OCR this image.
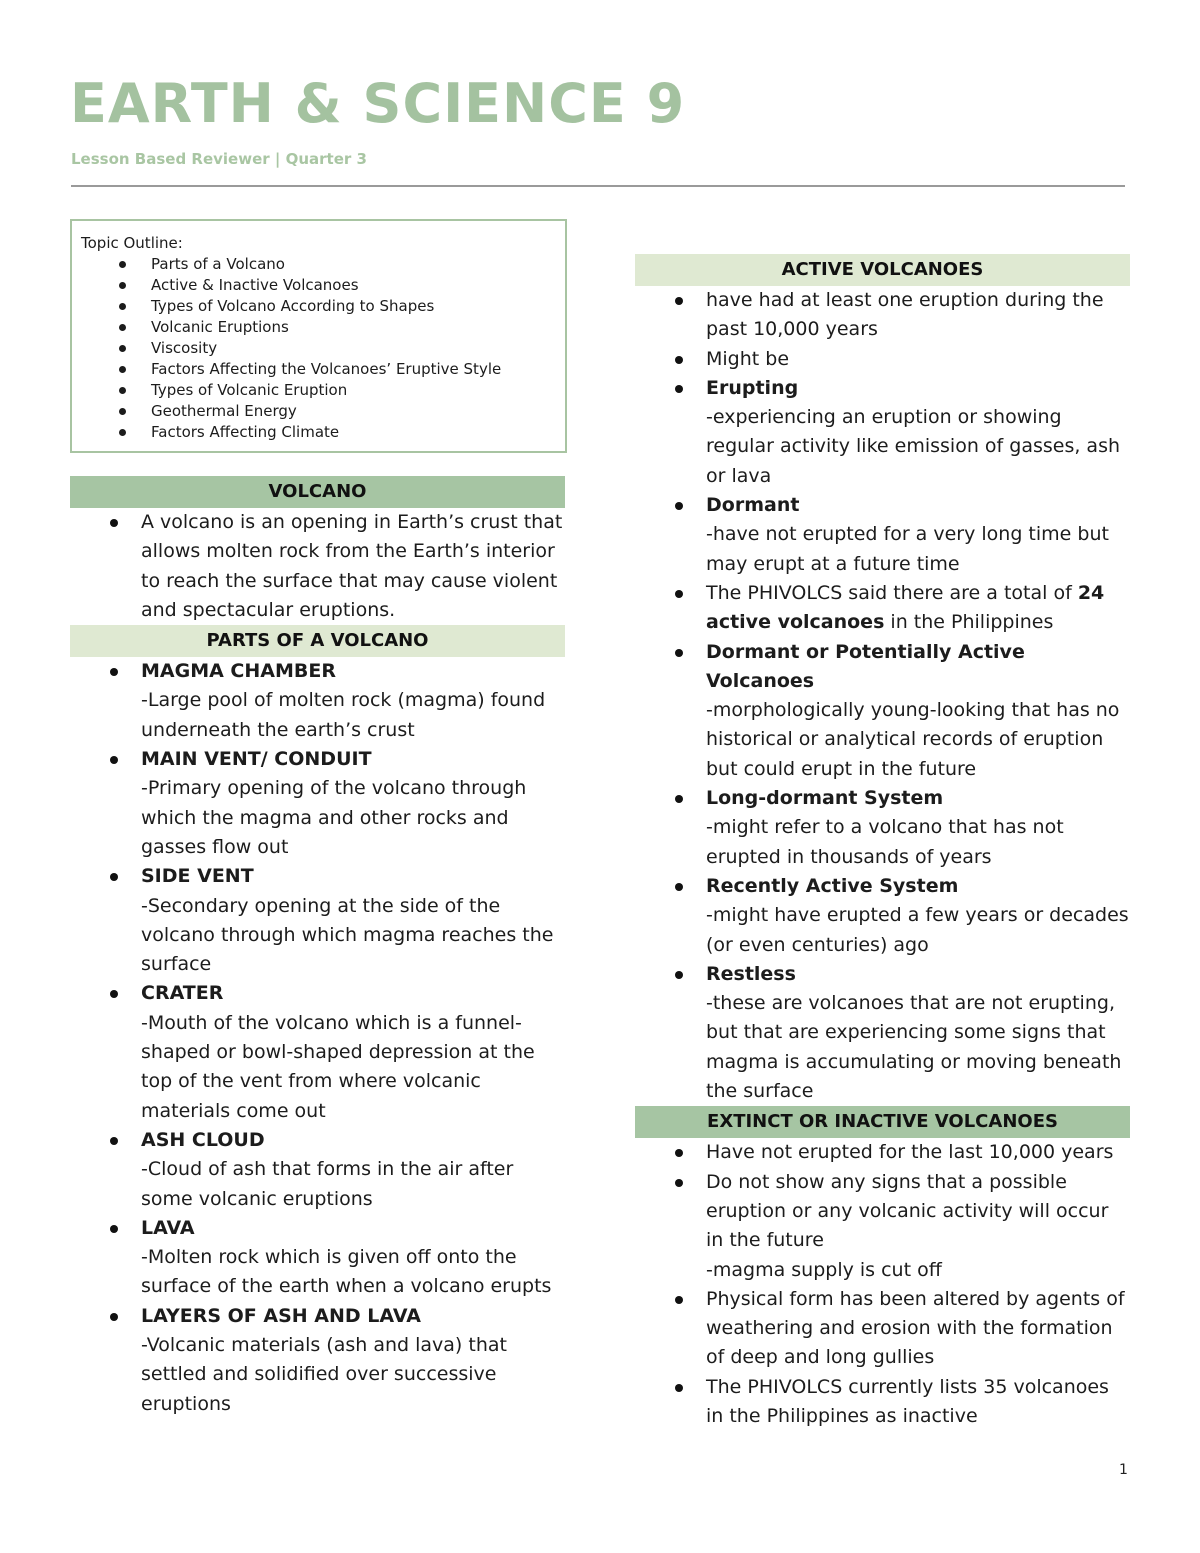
EARTH & SCIENCE 9
Lesson Based Reviewer | Quarter 3
Topic Outline:
Parts of a Volcano
Active & Inactive Volcanoes
Types of Volcano According to Shapes
Volcanic Eruptions
Viscosity
Factors Affecting the Volcanoes’ Eruptive Style
Types of Volcanic Eruption
Geothermal Energy
Factors Affecting Climate
VOLCANO
A volcano is an opening in Earth’s crust that allows molten rock from the Earth’s interior to reach the surface that may cause violent and spectacular eruptions.
PARTS OF A VOLCANO
MAGMA CHAMBER
-Large pool of molten rock (magma) found underneath the earth’s crust
MAIN VENT/ CONDUIT
-Primary opening of the volcano through which the magma and other rocks and gasses flow out
SIDE VENT
-Secondary opening at the side of the volcano through which magma reaches the surface
CRATER
-Mouth of the volcano which is a funnel-shaped or bowl-shaped depression at the top of the vent from where volcanic materials come out
ASH CLOUD
-Cloud of ash that forms in the air after some volcanic eruptions
LAVA
-Molten rock which is given off onto the surface of the earth when a volcano erupts
LAYERS OF ASH AND LAVA
-Volcanic materials (ash and lava) that settled and solidified over successive eruptions
ACTIVE VOLCANOES
have had at least one eruption during the past 10,000 years
Might be
Erupting
-experiencing an eruption or showing regular activity like emission of gasses, ash or lava
Dormant
-have not erupted for a very long time but may erupt at a future time
The PHIVOLCS said there are a total of 24 active volcanoes in the Philippines
Dormant or Potentially Active Volcanoes
-morphologically young-looking that has no historical or analytical records of eruption but could erupt in the future
Long-dormant System
-might refer to a volcano that has not erupted in thousands of years
Recently Active System
-might have erupted a few years or decades (or even centuries) ago
Restless
-these are volcanoes that are not erupting, but that are experiencing some signs that magma is accumulating or moving beneath the surface
EXTINCT OR INACTIVE VOLCANOES
Have not erupted for the last 10,000 years
Do not show any signs that a possible eruption or any volcanic activity will occur in the future
-magma supply is cut off
Physical form has been altered by agents of weathering and erosion with the formation of deep and long gullies
The PHIVOLCS currently lists 35 volcanoes in the Philippines as inactive
1
